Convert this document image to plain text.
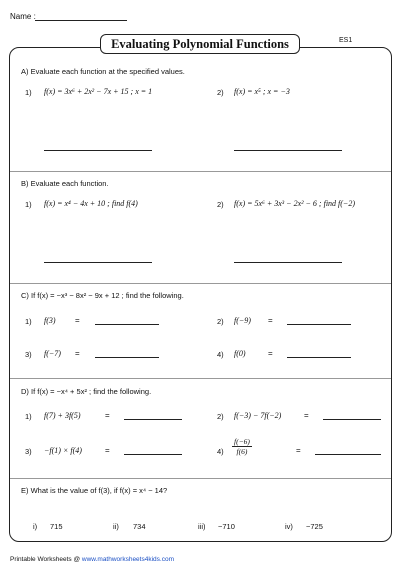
Name :
Evaluating Polynomial Functions	ES1
A) Evaluate each function at the specified values.
1) f(x) = 3x⁶ + 2x² − 7x + 15 ; x = 1	2) f(x) = x⁵ ; x = −3
B) Evaluate each function.
1) f(x) = x⁴ − 4x + 10 ; find f(4)	2) f(x) = 5x⁶ + 3x³ − 2x² − 6 ; find f(−2)
C) If f(x) = −x³ − 8x² − 9x + 12 ; find the following.
1) f(3) =	2) f(−9) =
3) f(−7) =	4) f(0)	=
D) If f(x) = −x⁴ + 5x² ; find the following.
1) f(7) + 3f(5)	=	2) f(−3) − 7f(−2)	=
3) −f(1) × f(4)	=	$4) \frac{f(-6)}{f(6)}$	=
E) What is the value of f(3), if f(x) = x⁴ − 14?
i) 715	ii) 734	iii) −710	iv) −725
Printable Worksheets @ www.mathworksheets4kids.com
